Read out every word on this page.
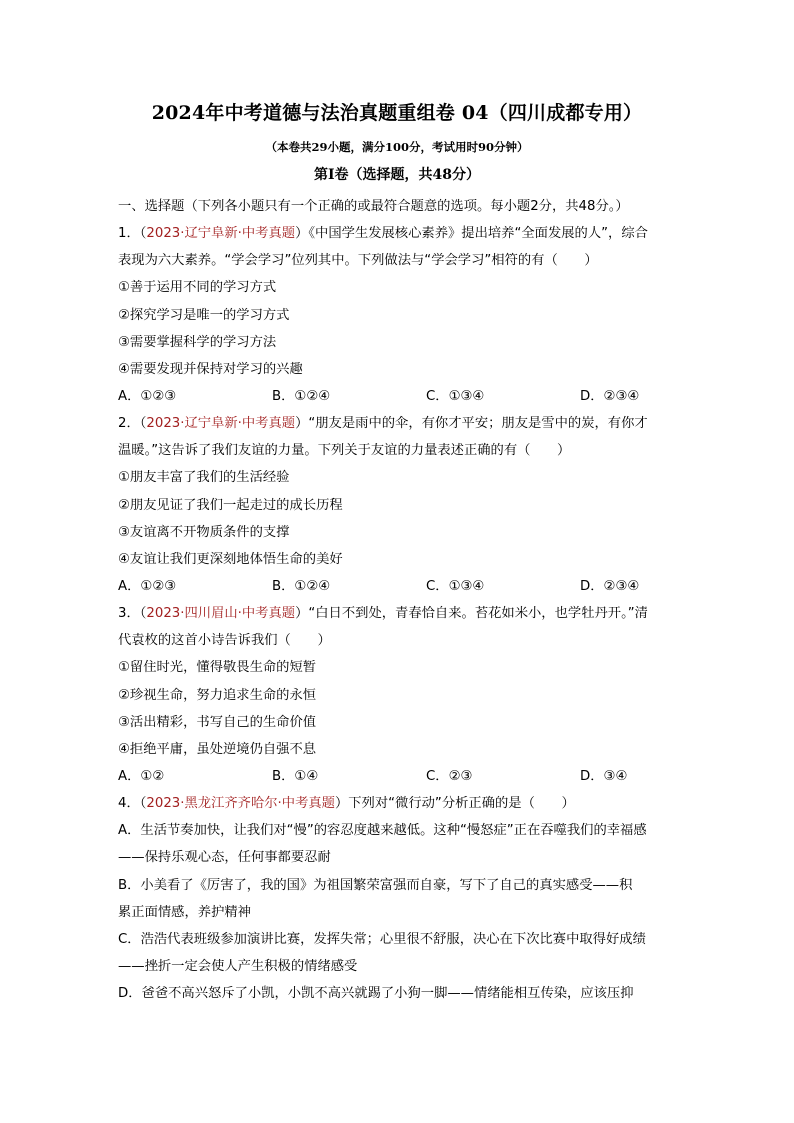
2024年中考道德与法治真题重组卷 04（四川成都专用）
（本卷共29小题，满分100分，考试用时90分钟）
第Ⅰ卷（选择题，共48分）
一、选择题（下列各小题只有一个正确的或最符合题意的选项。每小题2分，共48分。）
1．（2023·辽宁阜新·中考真题）《中国学生发展核心素养》提出培养“全面发展的人”，综合
表现为六大素养。“学会学习”位列其中。下列做法与“学会学习”相符的有（　　）
①善于运用不同的学习方式
②探究学习是唯一的学习方式
③需要掌握科学的学习方法
④需要发现并保持对学习的兴趣
A．①②③	B．①②④	C．①③④	D．②③④
2．（2023·辽宁阜新·中考真题）“朋友是雨中的伞，有你才平安；朋友是雪中的炭，有你才
温暖。”这告诉了我们友谊的力量。下列关于友谊的力量表述正确的有（　　）
①朋友丰富了我们的生活经验
②朋友见证了我们一起走过的成长历程
③友谊离不开物质条件的支撑
④友谊让我们更深刻地体悟生命的美好
A．①②③	B．①②④	C．①③④	D．②③④
3．（2023·四川眉山·中考真题）“白日不到处，青春恰自来。苔花如米小，也学牡丹开。”清
代袁枚的这首小诗告诉我们（　　）
①留住时光，懂得敬畏生命的短暂
②珍视生命，努力追求生命的永恒
③活出精彩，书写自己的生命价值
④拒绝平庸，虽处逆境仍自强不息
A．①②	B．①④	C．②③	D．③④
4．（2023·黑龙江齐齐哈尔·中考真题）下列对“微行动”分析正确的是（　　）
A．生活节奏加快，让我们对“慢”的容忍度越来越低。这种“慢怒症”正在吞噬我们的幸福感
——保持乐观心态，任何事都要忍耐
B．小美看了《厉害了，我的国》为祖国繁荣富强而自豪，写下了自己的真实感受——积
累正面情感，养护精神
C．浩浩代表班级参加演讲比赛，发挥失常；心里很不舒服，决心在下次比赛中取得好成绩
——挫折一定会使人产生积极的情绪感受
D．爸爸不高兴怒斥了小凯，小凯不高兴就踢了小狗一脚——情绪能相互传染，应该压抑
